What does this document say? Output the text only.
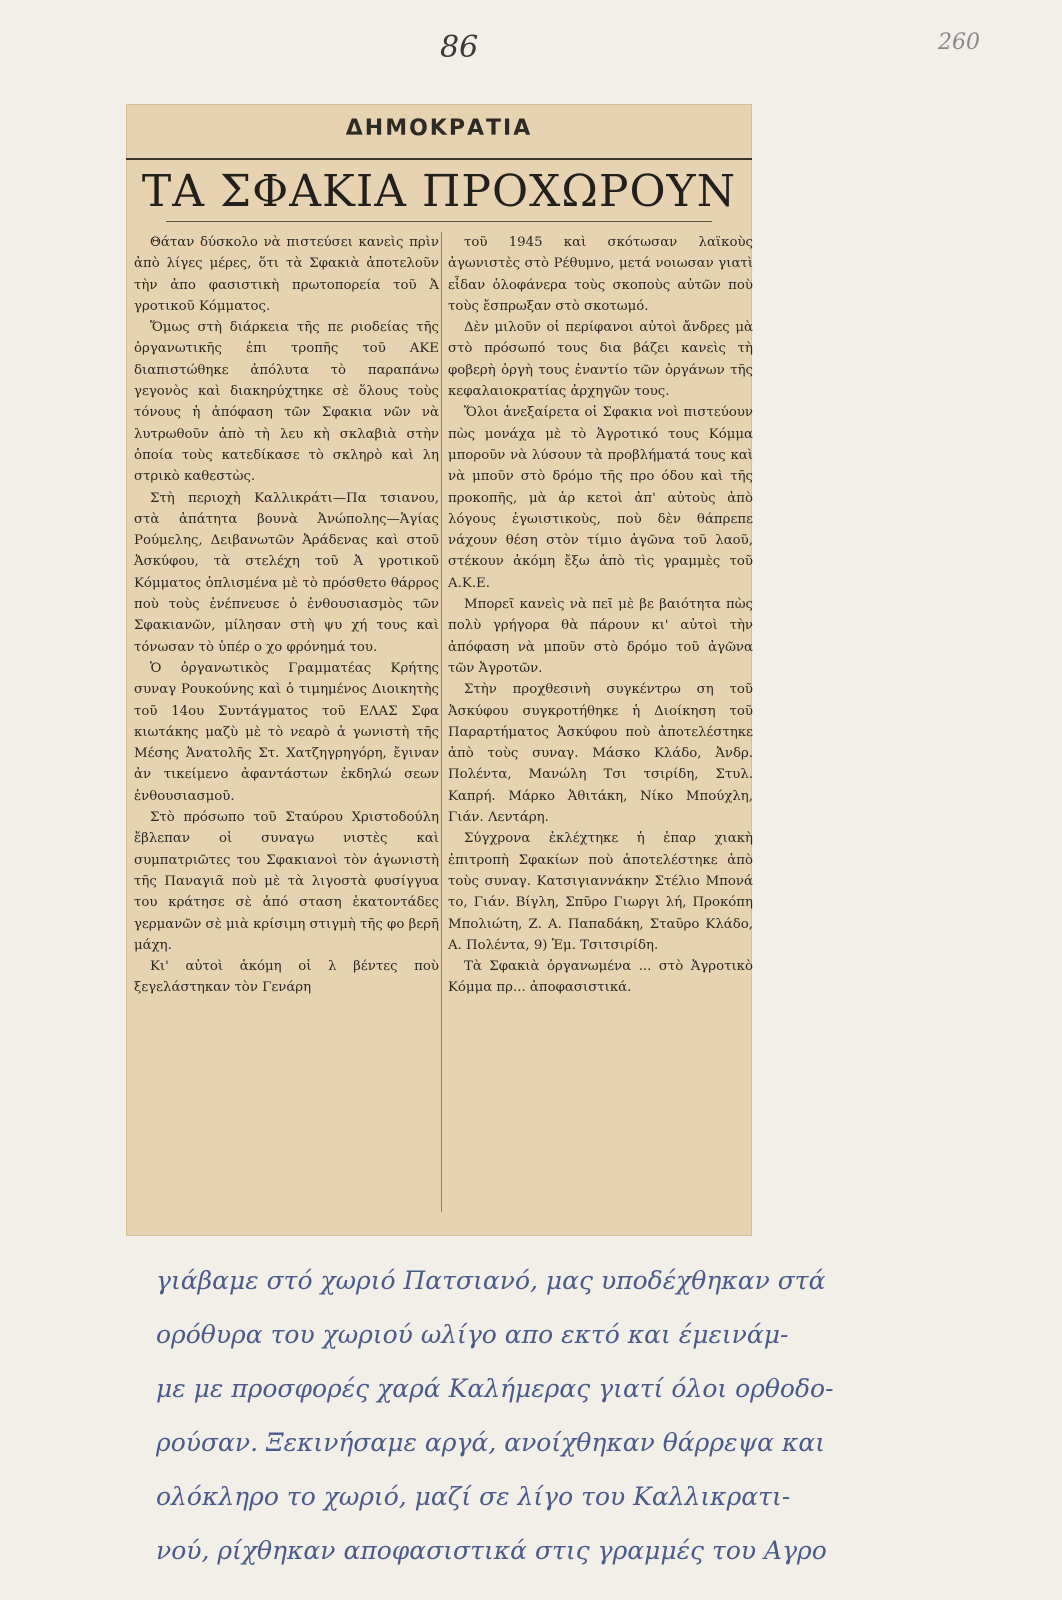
86	260
ΔΗΜΟΚΡΑΤΙΑ
ΤΑ ΣΦΑΚΙΑ ΠΡΟΧΩΡΟΥΝ

Θάταν δύσκολο νὰ πιστεύσει κανεὶς πρὶν ἀπὸ λίγες μέρες, ὅτι τὰ Σφακιὰ ἀποτελοῦν τὴν ἀπο φασιστικὴ πρωτοπορεία τοῦ Ἀ γροτικοῦ Κόμματος.

Ὅμως στὴ διάρκεια τῆς πε ριοδείας τῆς ὀργανωτικῆς ἐπι τροπῆς τοῦ ΑΚΕ διαπιστώθηκε ἀπόλυτα τὸ παραπάνω γεγονὸς καὶ διακηρύχτηκε σὲ ὅλους τοὺς τόνους ἡ ἀπόφαση τῶν Σφακια νῶν νὰ λυτρωθοῦν ἀπὸ τὴ λευ κὴ σκλαβιὰ στὴν ὁποία τοὺς κατεδίκασε τὸ σκληρὸ καὶ λη στρικὸ καθεστὼς.

Στὴ περιοχὴ Καλλικράτι—Πα τσιανου, στὰ ἀπάτητα βουνὰ Ἀνώπολης—Ἁγίας Ρούμελης, Δειβανωτῶν Ἀράδενας καὶ στοῦ Ἀσκύφου, τὰ στελέχη τοῦ Ἀ γροτικοῦ Κόμματος ὁπλισμένα μὲ τὸ πρόσθετο θάρρος ποὺ τοὺς ἐνέπνευσε ὁ ἐνθουσιασμὸς τῶν Σφακιανῶν, μίλησαν στὴ ψυ χή τους καὶ τόνωσαν τὸ ὑπέρ ο χο φρόνημά του.

Ὁ ὀργανωτικὸς Γραμματέας Κρήτης συναγ Ρουκούνης καὶ ὁ τιμημένος Διοικητὴς τοῦ 14ου Συντάγματος τοῦ ΕΛΑΣ Σφα κιωτάκης μαζὺ μὲ τὸ νεαρὸ ἀ γωνιστὴ τῆς Μέσης Ἀνατολῆς Στ. Χατζηγρηγόρη, ἔγιναν ἀν τικείμενο ἀφαντάστων ἐκδηλώ σεων ἐνθουσιασμοῦ.

Στὸ πρόσωπο τοῦ Σταύρου Χριστοδούλη ἔβλεπαν οἱ συναγω νιστὲς καὶ συμπατριῶτες του Σφακιανοὶ τὸν ἀγωνιστὴ τῆς Παναγιᾶ ποὺ μὲ τὰ λιγοστὰ φυσίγγυα του κράτησε σὲ ἀπό σταση ἑκατοντάδες γερμανῶν σὲ μιὰ κρίσιμη στιγμὴ τῆς φο βερῆ μάχη.

Κι' αὐτοὶ ἀκόμη οἱ λ βέντες ποὺ ξεγελάστηκαν τὸν Γενάρη

τοῦ 1945 καὶ σκότωσαν λαϊκοὺς ἀγωνιστὲς στὸ Ρέθυμνο, μετά νοιωσαν γιατὶ εἶδαν ὁλοφάνερα τοὺς σκοποὺς αὐτῶν ποὺ τοὺς ἔσπρωξαν στὸ σκοτωμό.

Δὲν μιλοῦν οἱ περίφανοι αὐτοὶ ἄνδρες μὰ στὸ πρόσωπό τους δια βάζει κανεὶς τὴ φοβερὴ ὀργὴ τους ἐναντίο τῶν ὀργάνων τῆς κεφαλαιοκρατίας ἀρχηγῶν τους.

Ὅλοι ἀνεξαίρετα οἱ Σφακια νοὶ πιστεύουν πὼς μονάχα μὲ τὸ Ἀγροτικό τους Κόμμα μποροῦν νὰ λύσουν τὰ προβλήματά τους καὶ νὰ μποῦν στὸ δρόμο τῆς προ όδου καὶ τῆς προκοπῆς, μὰ ἀρ κετοὶ ἀπ' αὐτοὺς ἀπὸ λόγους ἐγωιστικοὺς, ποὺ δὲν θάπρεπε νάχουν θέση στὸν τίμιο ἀγῶνα τοῦ λαοῦ, στέκουν ἀκόμη ἔξω ἀπὸ τὶς γραμμὲς τοῦ Α.Κ.Ε.

Μπορεῖ κανεὶς νὰ πεῖ μὲ βε βαιότητα πὼς πολὺ γρήγορα θὰ πάρουν κι' αὐτοὶ τὴν ἀπόφαση νὰ μποῦν στὸ δρόμο τοῦ ἀγῶνα τῶν Ἀγροτῶν.

Στὴν προχθεσινὴ συγκέντρω ση τοῦ Ἀσκύφου συγκροτήθηκε ἡ Διοίκηση τοῦ Παραρτήματος Ἀσκύφου ποὺ ἀποτελέστηκε ἀπὸ τοὺς συναγ. Μάσκο Κλάδο, Ἀνδρ. Πολέντα, Μανώλη Τσι τσιρίδη, Στυλ. Καπρή. Μάρκο Ἀθιτάκη, Νίκο Μπούχλη, Γιάν. Λεντάρη.

Σύγχρονα ἐκλέχτηκε ἡ ἐπαρ χιακὴ ἐπιτροπὴ Σφακίων ποὺ ἀποτελέστηκε ἀπὸ τοὺς συναγ. Κατσιγιαννάκην Στέλιο Μπονά το, Γιάν. Βίγλη, Σπῦρο Γιωργι λή, Προκόπη Μπολιώτη, Ζ. Α. Παπαδάκη, Σταῦρο Κλάδο, Α. Πολέντα, 9) Ἐμ. Τσιτσιρίδη.

Τὰ Σφακιὰ ὀργανωμένα ... στὸ Ἀγροτικὸ Κόμμα πρ... ἀποφασιστικά.

γιάβαμε στό χωριό Πατσιανό, μας υποδέχθηκαν στά
ορόθυρα του χωριού ωλίγο απο εκτό και έμεινάμ-
με με προσφορές χαρά Καλήμερας γιατί όλοι ορθοδο-
ρούσαν. Ξεκινήσαμε αργά, ανοίχθηκαν θάρρεψα και
ολόκληρο το χωριό, μαζί σε λίγο του Καλλικρατι-
νού, ρίχθηκαν αποφασιστικά στις γραμμές του Αγρο
